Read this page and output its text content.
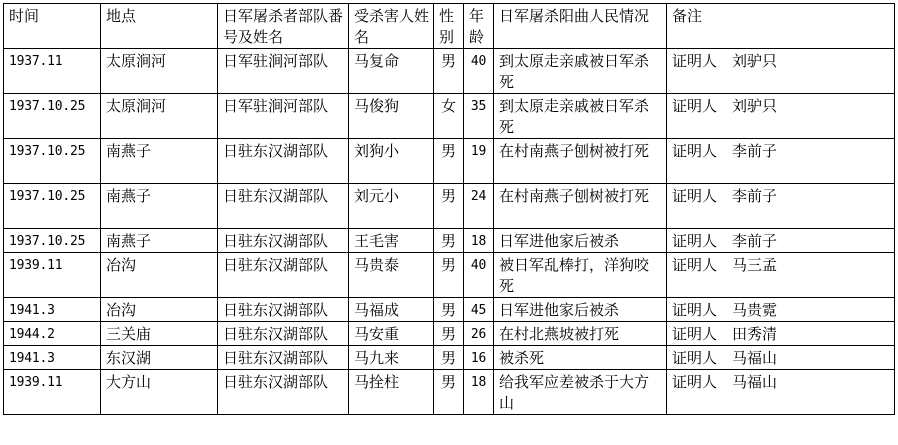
时间	地点	日军屠杀者部队番号及姓名	受杀害人姓名	性别	年龄	日军屠杀阳曲人民情况	备注
1937.11	太原涧河	日军驻涧河部队	马复命	男	40	到太原走亲戚被日军杀死	证明人　刘驴只
1937.10.25	太原涧河	日军驻涧河部队	马俊狗	女	35	到太原走亲戚被日军杀死	证明人　刘驴只
1937.10.25	南燕子	日驻东汉湖部队	刘狗小	男	19	在村南燕子刨树被打死	证明人　李前子
1937.10.25	南燕子	日驻东汉湖部队	刘元小	男	24	在村南燕子刨树被打死	证明人　李前子
1937.10.25	南燕子	日驻东汉湖部队	王毛害	男	18	日军进他家后被杀	证明人　李前子
1939.11	冶沟	日驻东汉湖部队	马贵泰	男	40	被日军乱棒打，洋狗咬死	证明人　马三孟
1941.3	冶沟	日驻东汉湖部队	马福成	男	45	日军进他家后被杀	证明人　马贵霓
1944.2	三关庙	日驻东汉湖部队	马安重	男	26	在村北燕坡被打死	证明人　田秀清
1941.3	东汉湖	日驻东汉湖部队	马九来	男	16	被杀死	证明人　马福山
1939.11	大方山	日驻东汉湖部队	马拴柱	男	18	给我军应差被杀于大方山	证明人　马福山
